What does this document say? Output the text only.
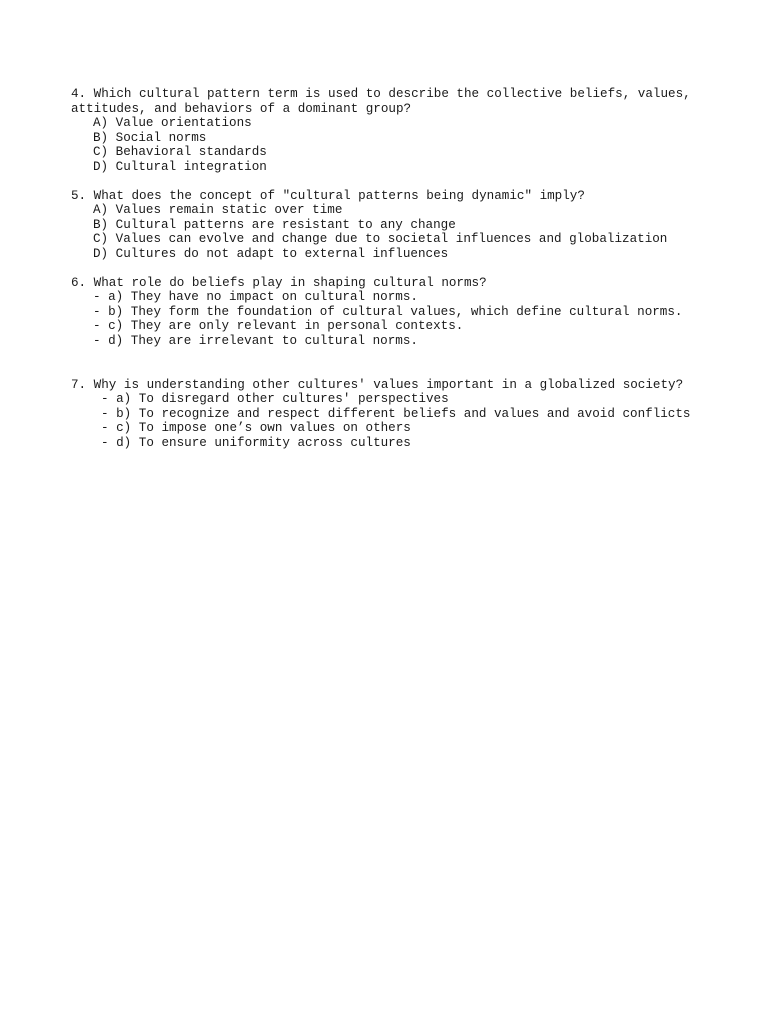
4. Which cultural pattern term is used to describe the collective beliefs, values,
attitudes, and behaviors of a dominant group?
A) Value orientations
B) Social norms
C) Behavioral standards
D) Cultural integration
5. What does the concept of "cultural patterns being dynamic" imply?
A) Values remain static over time
B) Cultural patterns are resistant to any change
C) Values can evolve and change due to societal influences and globalization
D) Cultures do not adapt to external influences
6. What role do beliefs play in shaping cultural norms?
- a) They have no impact on cultural norms.
- b) They form the foundation of cultural values, which define cultural norms.
- c) They are only relevant in personal contexts.
- d) They are irrelevant to cultural norms.
7. Why is understanding other cultures' values important in a globalized society?
- a) To disregard other cultures' perspectives
- b) To recognize and respect different beliefs and values and avoid conflicts
- c) To impose one’s own values on others
- d) To ensure uniformity across cultures
